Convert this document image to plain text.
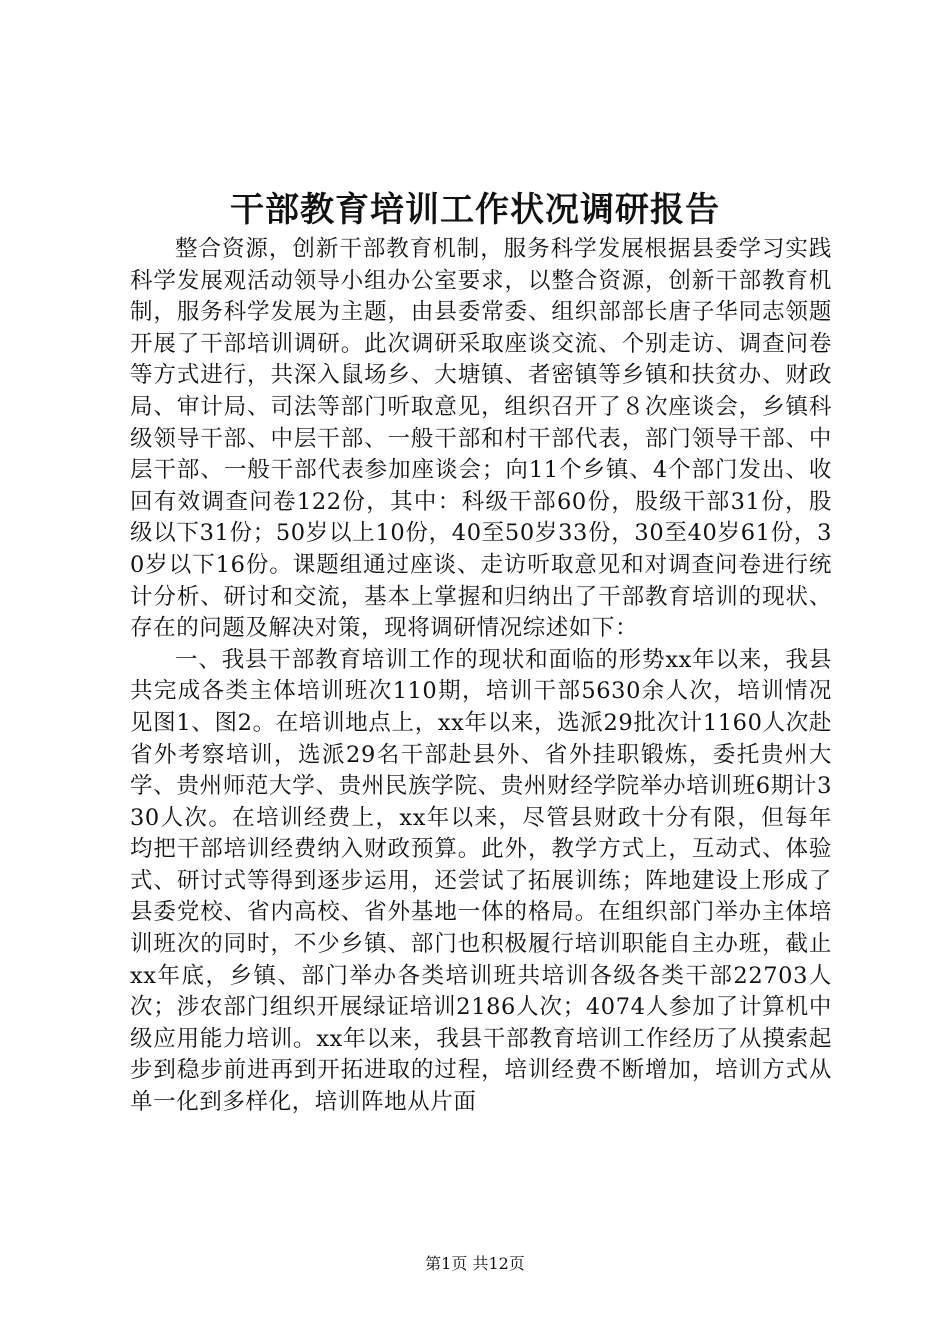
干部教育培训工作状况调研报告

整合资源，创新干部教育机制，服务科学发展根据县委学习实践科学发展观活动领导小组办公室要求，以整合资源，创新干部教育机制，服务科学发展为主题，由县委常委、组织部部长唐子华同志领题开展了干部培训调研。此次调研采取座谈交流、个别走访、调查问卷等方式进行，共深入鼠场乡、大塘镇、者密镇等乡镇和扶贫办、财政局、审计局、司法等部门听取意见，组织召开了８次座谈会，乡镇科级领导干部、中层干部、一般干部和村干部代表，部门领导干部、中层干部、一般干部代表参加座谈会；向11个乡镇、4个部门发出、收回有效调查问卷122份，其中：科级干部60份，股级干部31份，股级以下31份；50岁以上10份，40至50岁33份，30至40岁61份，30岁以下16份。课题组通过座谈、走访听取意见和对调查问卷进行统计分析、研讨和交流，基本上掌握和归纳出了干部教育培训的现状、存在的问题及解决对策，现将调研情况综述如下：

一、我县干部教育培训工作的现状和面临的形势xx年以来，我县共完成各类主体培训班次110期，培训干部5630余人次，培训情况见图1、图2。在培训地点上，xx年以来，选派29批次计1160人次赴省外考察培训，选派29名干部赴县外、省外挂职锻炼，委托贵州大学、贵州师范大学、贵州民族学院、贵州财经学院举办培训班6期计330人次。在培训经费上，xx年以来，尽管县财政十分有限，但每年均把干部培训经费纳入财政预算。此外，教学方式上，互动式、体验式、研讨式等得到逐步运用，还尝试了拓展训练；阵地建设上形成了县委党校、省内高校、省外基地一体的格局。在组织部门举办主体培训班次的同时，不少乡镇、部门也积极履行培训职能自主办班，截止xx年底，乡镇、部门举办各类培训班共培训各级各类干部22703人次；涉农部门组织开展绿证培训2186人次；4074人参加了计算机中级应用能力培训。xx年以来，我县干部教育培训工作经历了从摸索起步到稳步前进再到开拓进取的过程，培训经费不断增加，培训方式从单一化到多样化，培训阵地从片面

第1页 共12页
